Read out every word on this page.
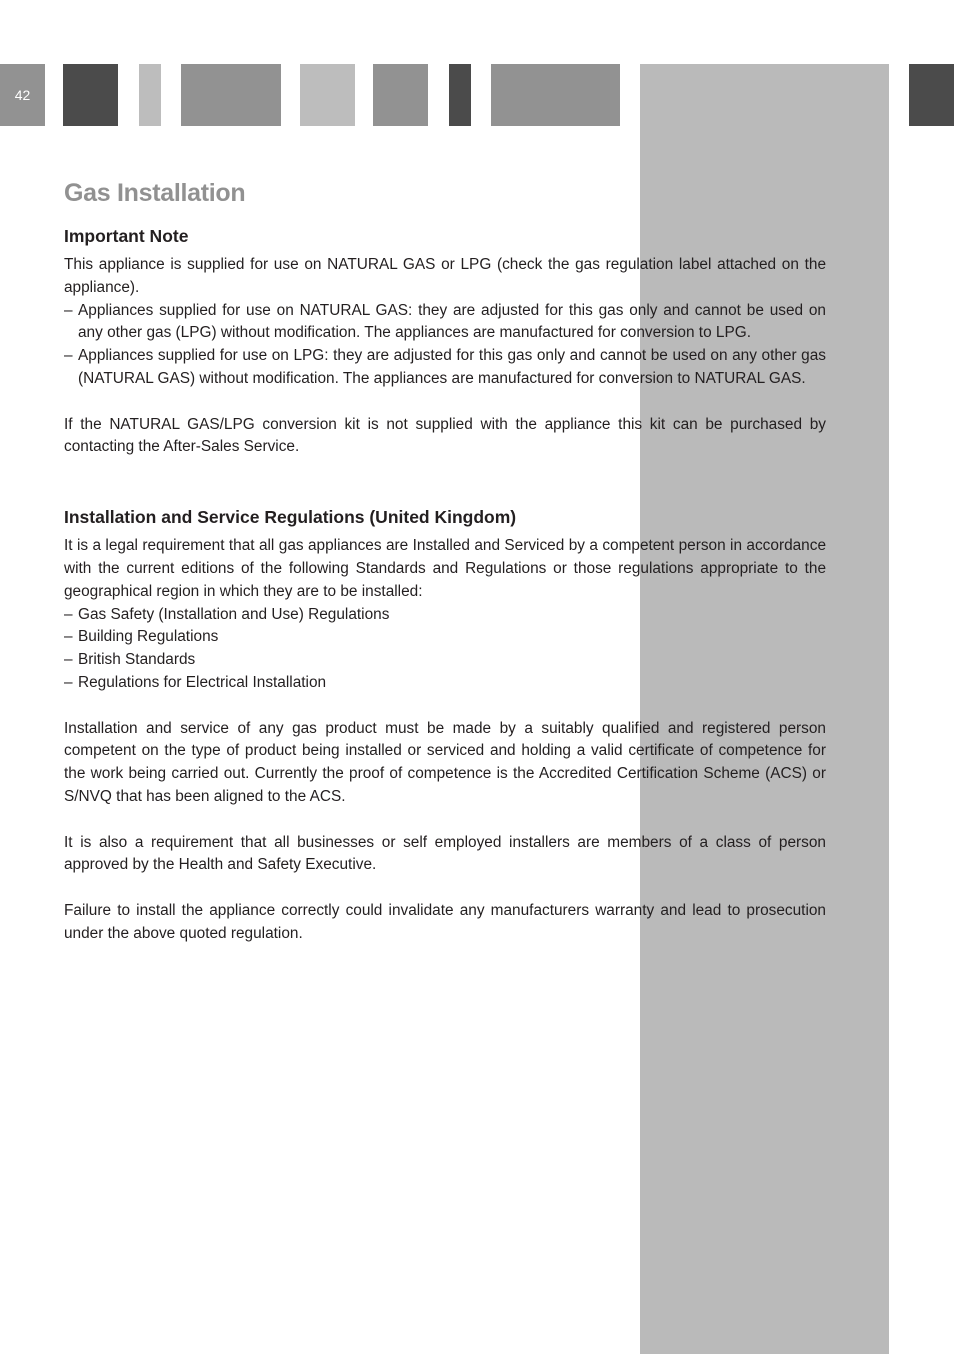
42
Gas Installation
Important Note

This appliance is supplied for use on NATURAL GAS or LPG (check the gas regulation label attached on the appliance).

– Appliances supplied for use on NATURAL GAS: they are adjusted for this gas only and cannot be used on any other gas (LPG) without modification. The appliances are manufactured for conversion to LPG.
– Appliances supplied for use on LPG: they are adjusted for this gas only and cannot be used on any other gas (NATURAL GAS) without modification. The appliances are manufactured for conversion to NATURAL GAS.

If the NATURAL GAS/LPG conversion kit is not supplied with the appliance this kit can be purchased by contacting the After-Sales Service.

Installation and Service Regulations (United Kingdom)

It is a legal requirement that all gas appliances are Installed and Serviced by a competent person in accordance with the current editions of the following Standards and Regulations or those regulations appropriate to the geographical region in which they are to be installed:

– Gas Safety (Installation and Use) Regulations
– Building Regulations
– British Standards
– Regulations for Electrical Installation

Installation and service of any gas product must be made by a suitably qualified and registered person competent on the type of product being installed or serviced and holding a valid certificate of competence for the work being carried out. Currently the proof of competence is the Accredited Certification Scheme (ACS) or S/NVQ that has been aligned to the ACS.

It is also a requirement that all businesses or self employed installers are members of a class of person approved by the Health and Safety Executive.

Failure to install the appliance correctly could invalidate any manufacturers warranty and lead to prosecution under the above quoted regulation.
